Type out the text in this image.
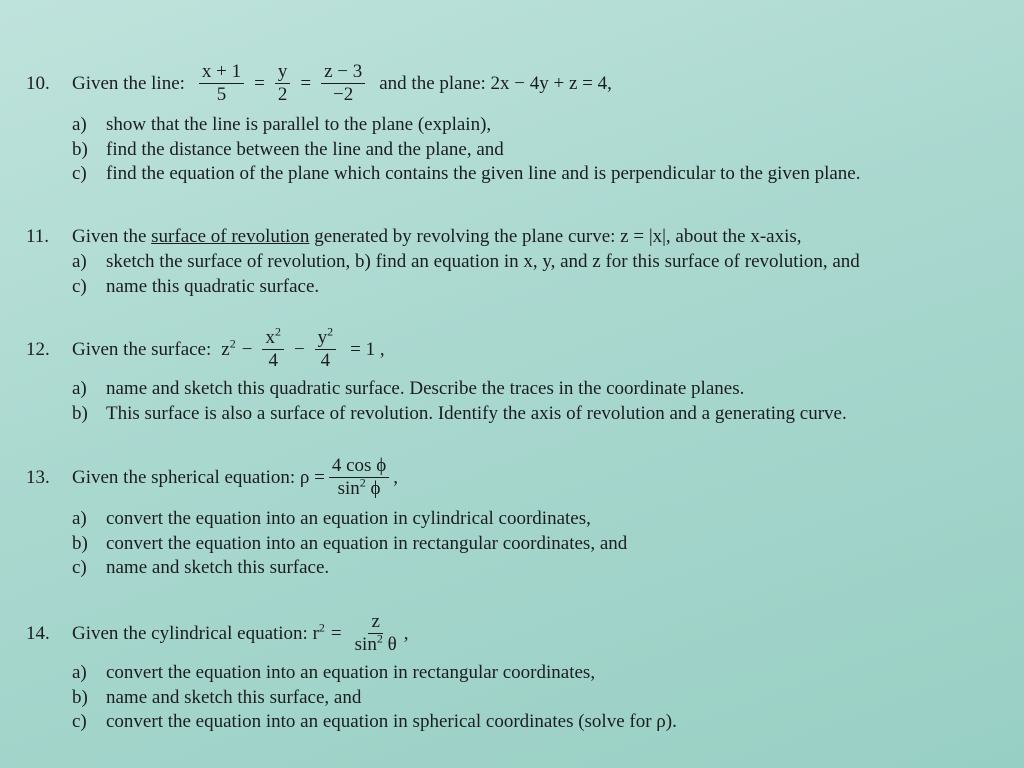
10.	Given the line: $\frac{x + 1}{5} = \frac{y}{2} = \frac{z - 3}{-2}$ and the plane: 2x − 4y + z = 4,
a) show that the line is parallel to the plane (explain),
b) find the distance between the line and the plane, and
c) find the equation of the plane which contains the given line and is perpendicular to the given plane.
11.	Given the
surface of revolution
generated by revolving the plane curve: z = |x|, about the x-axis,
a) sketch the surface of revolution, b) find an equation in x, y, and z for this surface of revolution, and
c) name this quadratic surface.
12.	Given the surface: $z^2 - \frac{x^2}{4} - \frac{y^2}{4} = 1$ ,
a) name and sketch this quadratic surface. Describe the traces in the coordinate planes.
b) This surface is also a surface of revolution. Identify the axis of revolution and a generating curve.
13.	Given the spherical equation: $\rho = \frac{\text{4 cos ϕ}}{\sin^2 \phi}$ ,
a) convert the equation into an equation in cylindrical coordinates,
b) convert the equation into an equation in rectangular coordinates, and
c) name and sketch this surface.
14.	Given the cylindrical equation: $r^2 = \frac{z}{\sin^2 \theta}$ ,
a) convert the equation into an equation in rectangular coordinates,
b) name and sketch this surface, and
c) convert the equation into an equation in spherical coordinates (solve for ρ).
